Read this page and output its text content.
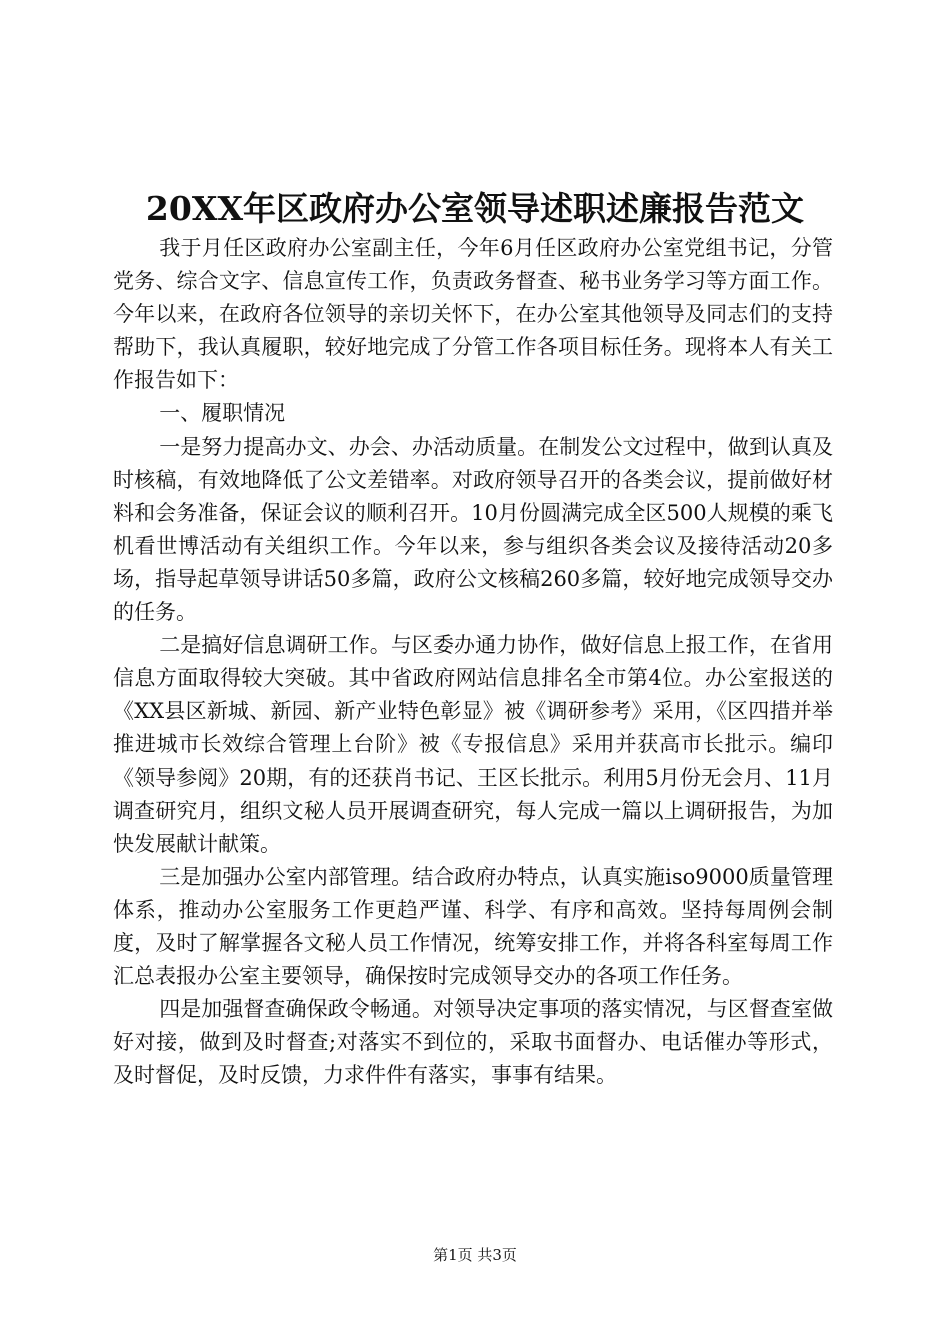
20XX年区政府办公室领导述职述廉报告范文

我于月任区政府办公室副主任，今年6月任区政府办公室党组书记，分管党务、综合文字、信息宣传工作，负责政务督查、秘书业务学习等方面工作。今年以来，在政府各位领导的亲切关怀下，在办公室其他领导及同志们的支持帮助下，我认真履职，较好地完成了分管工作各项目标任务。现将本人有关工作报告如下：

一、履职情况

一是努力提高办文、办会、办活动质量。在制发公文过程中，做到认真及时核稿，有效地降低了公文差错率。对政府领导召开的各类会议，提前做好材料和会务准备，保证会议的顺利召开。10月份圆满完成全区500人规模的乘飞机看世博活动有关组织工作。今年以来，参与组织各类会议及接待活动20多场，指导起草领导讲话50多篇，政府公文核稿260多篇，较好地完成领导交办的任务。

二是搞好信息调研工作。与区委办通力协作，做好信息上报工作，在省用信息方面取得较大突破。其中省政府网站信息排名全市第4位。办公室报送的《XX县区新城、新园、新产业特色彰显》被《调研参考》采用，《区四措并举推进城市长效综合管理上台阶》被《专报信息》采用并获高市长批示。编印《领导参阅》20期，有的还获肖书记、王区长批示。利用5月份无会月、11月调查研究月，组织文秘人员开展调查研究，每人完成一篇以上调研报告，为加快发展献计献策。

三是加强办公室内部管理。结合政府办特点，认真实施iso9000质量管理体系，推动办公室服务工作更趋严谨、科学、有序和高效。坚持每周例会制度，及时了解掌握各文秘人员工作情况，统筹安排工作，并将各科室每周工作汇总表报办公室主要领导，确保按时完成领导交办的各项工作任务。

四是加强督查确保政令畅通。对领导决定事项的落实情况，与区督查室做好对接，做到及时督查;对落实不到位的，采取书面督办、电话催办等形式，及时督促，及时反馈，力求件件有落实，事事有结果。

第1页 共3页
